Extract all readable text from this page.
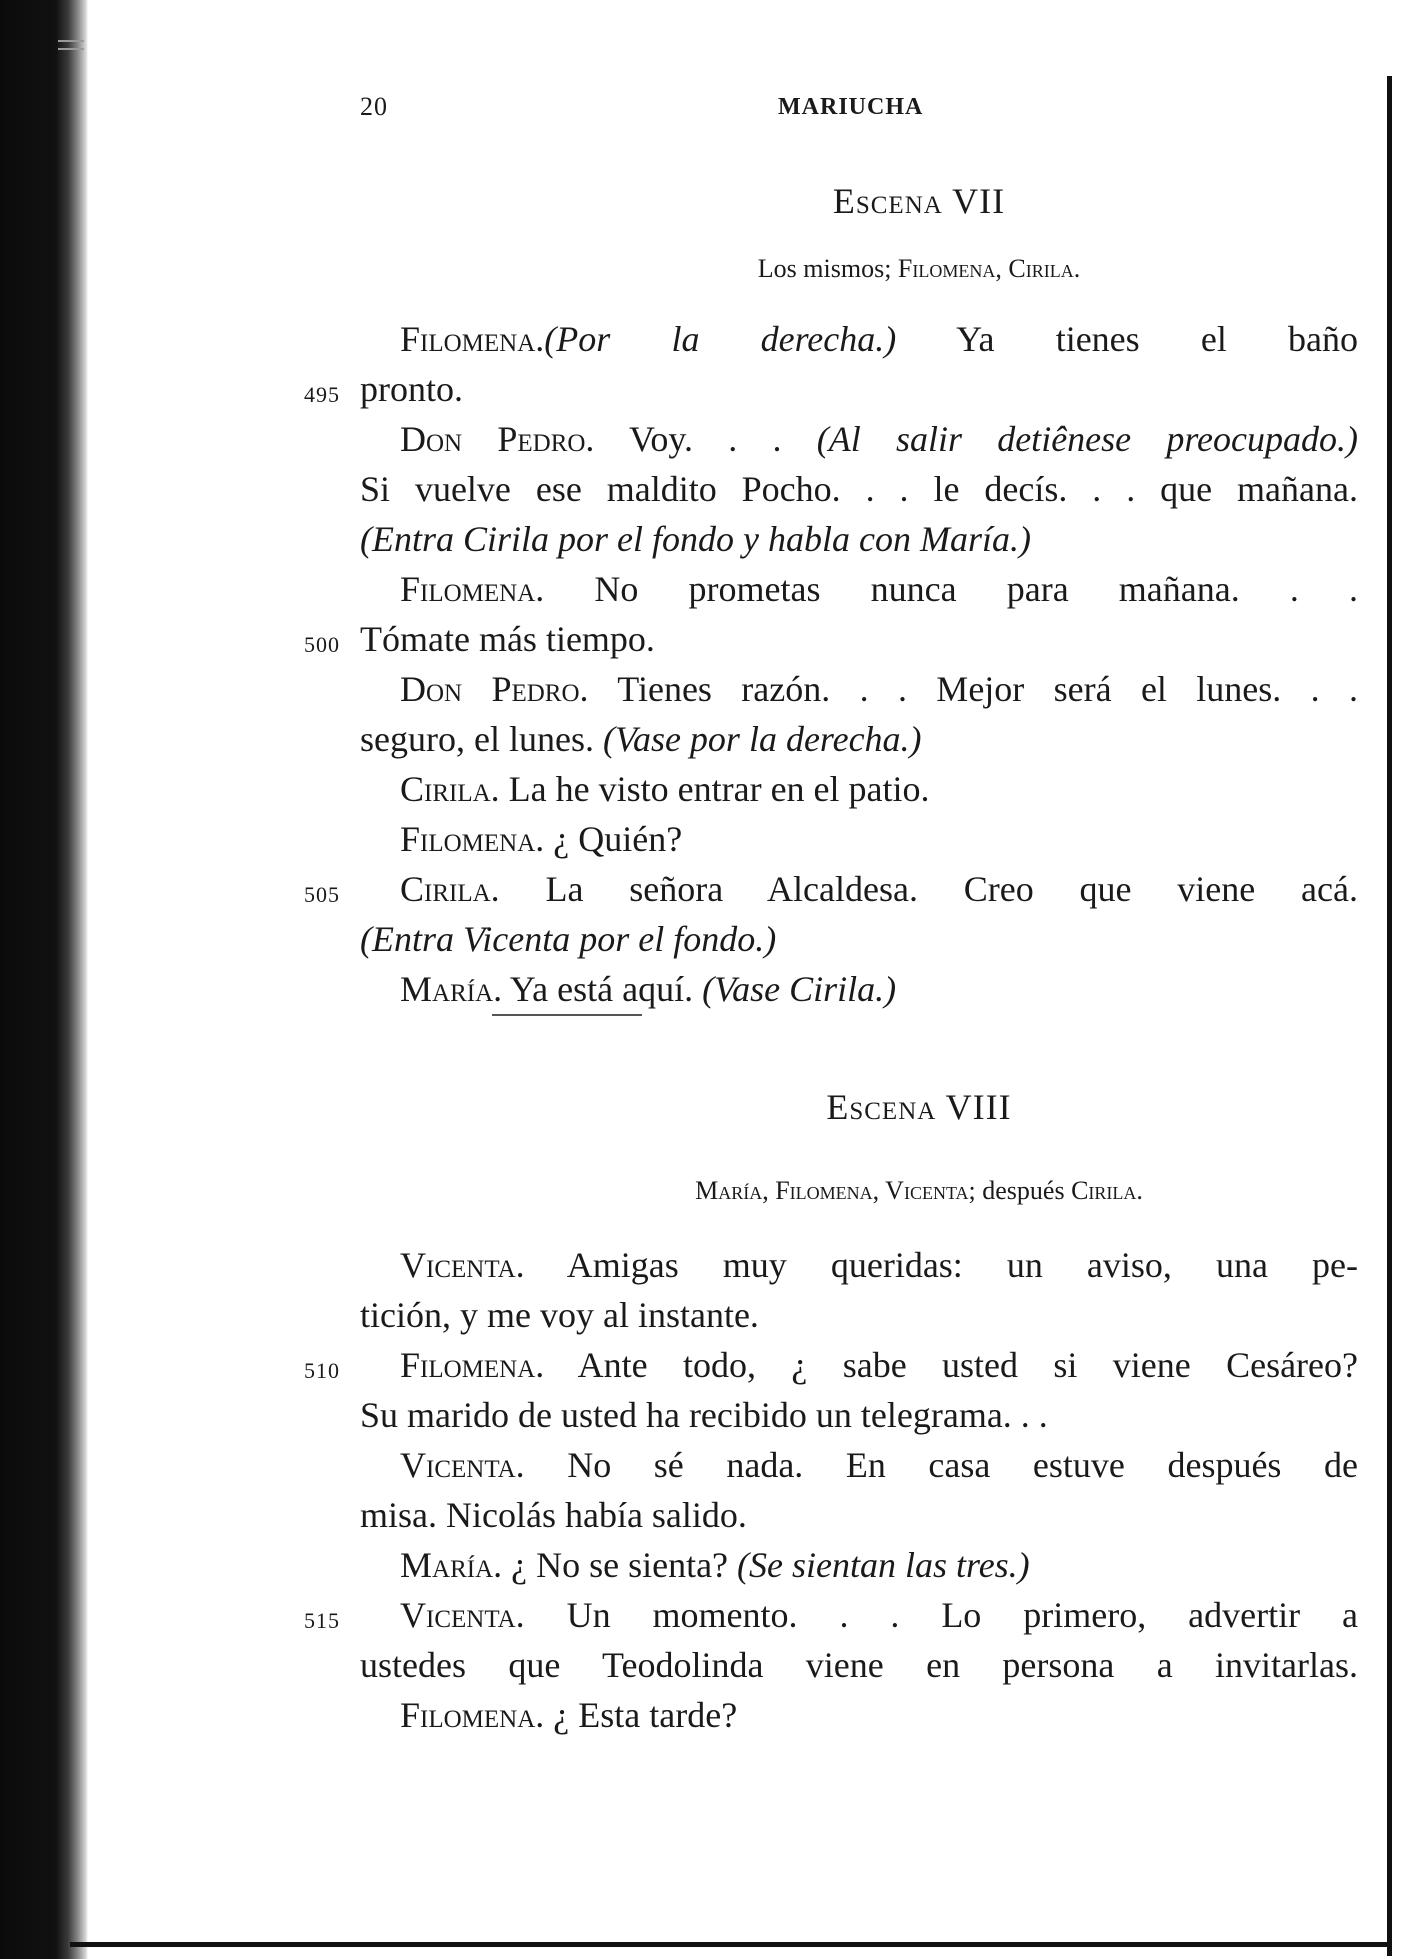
20	MARIUCHA

Escena VII

Los mismos; Filomena, Cirila.

Filomena.(Por la derecha.) Ya tienes el baño
495 pronto.
Don Pedro. Voy. . . (Al salir detiênese preocupado.)
Si vuelve ese maldito Pocho. . . le decís. . . que mañana.
(Entra Cirila por el fondo y habla con María.)
Filomena. No prometas nunca para mañana. . .
500 Tómate más tiempo.
Don Pedro. Tienes razón. . . Mejor será el lunes. . .
seguro, el lunes. (Vase por la derecha.)
Cirila. La he visto entrar en el patio.
Filomena. ¿ Quién?
505 Cirila. La señora Alcaldesa. Creo que viene acá.
(Entra Vicenta por el fondo.)
María. Ya está aquí. (Vase Cirila.)

Escena VIII

María, Filomena, Vicenta; después Cirila.

Vicenta. Amigas muy queridas: un aviso, una pe-
tición, y me voy al instante.
510 Filomena. Ante todo, ¿ sabe usted si viene Cesáreo?
Su marido de usted ha recibido un telegrama. . .
Vicenta. No sé nada. En casa estuve después de
misa. Nicolás había salido.
María. ¿ No se sienta? (Se sientan las tres.)
515 Vicenta. Un momento. . . Lo primero, advertir a
ustedes que Teodolinda viene en persona a invitarlas.
Filomena. ¿ Esta tarde?
